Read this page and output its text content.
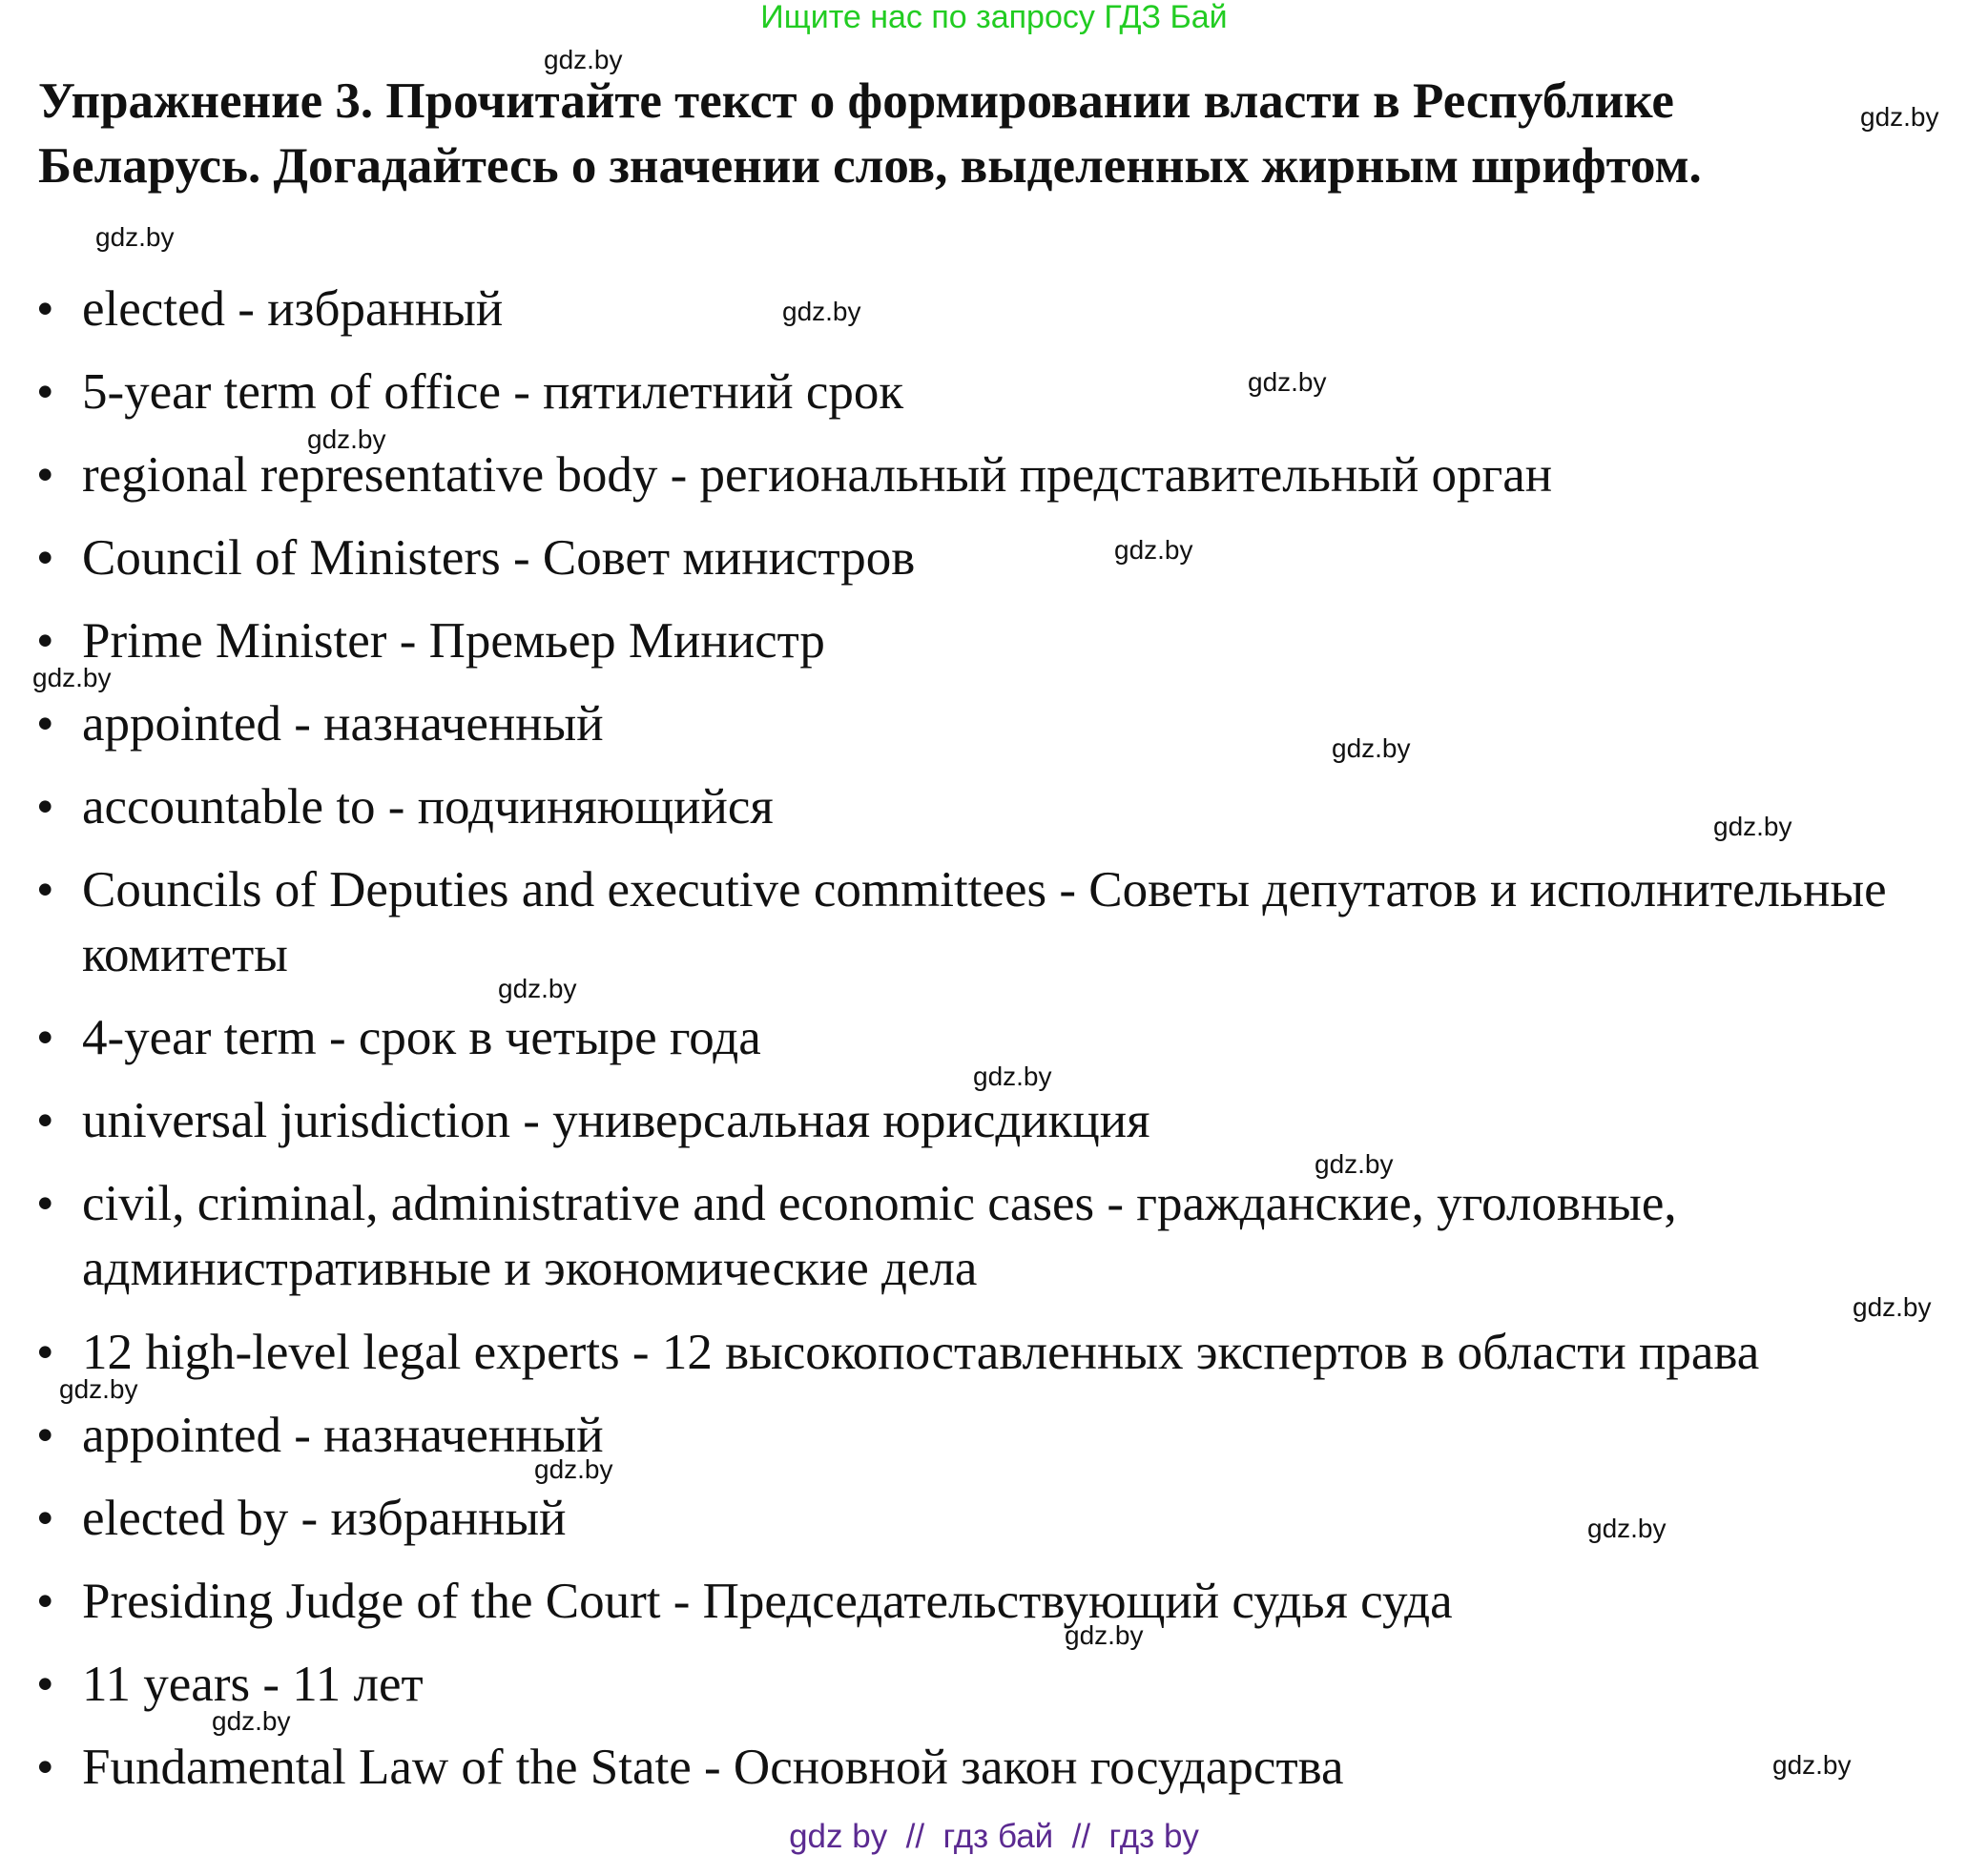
Ищите нас по запросу ГДЗ Бай
Упражнение 3. Прочитайте текст о формировании власти в Республике
Беларусь. Догадайтесь о значении слов, выделенных жирным шрифтом.
• elected - избранный
• 5-year term of office - пятилетний срок
• regional representative body - региональный представительный орган
• Council of Ministers - Совет министров
• Prime Minister - Премьер Министр
• appointed - назначенный
• accountable to - подчиняющийся
• Councils of Deputies and executive committees - Советы депутатов и исполнительные комитеты
• 4-year term - срок в четыре года
• universal jurisdiction - универсальная юрисдикция
• civil, criminal, administrative and economic cases - гражданские, уголовные, административные и экономические дела
• 12 high-level legal experts - 12 высокопоставленных экспертов в области права
• appointed - назначенный
• elected by - избранный
• Presiding Judge of the Court - Председательствующий судья суда
• 11 years - 11 лет
• Fundamental Law of the State - Основной закон государства
gdz.by
gdz.by
gdz.by
gdz.by
gdz.by
gdz.by
gdz.by
gdz.by
gdz.by
gdz.by
gdz.by
gdz.by
gdz.by
gdz.by
gdz.by
gdz.by
gdz.by
gdz.by
gdz.by
gdz.by
gdz by  //  гдз бай  //  гдз by
